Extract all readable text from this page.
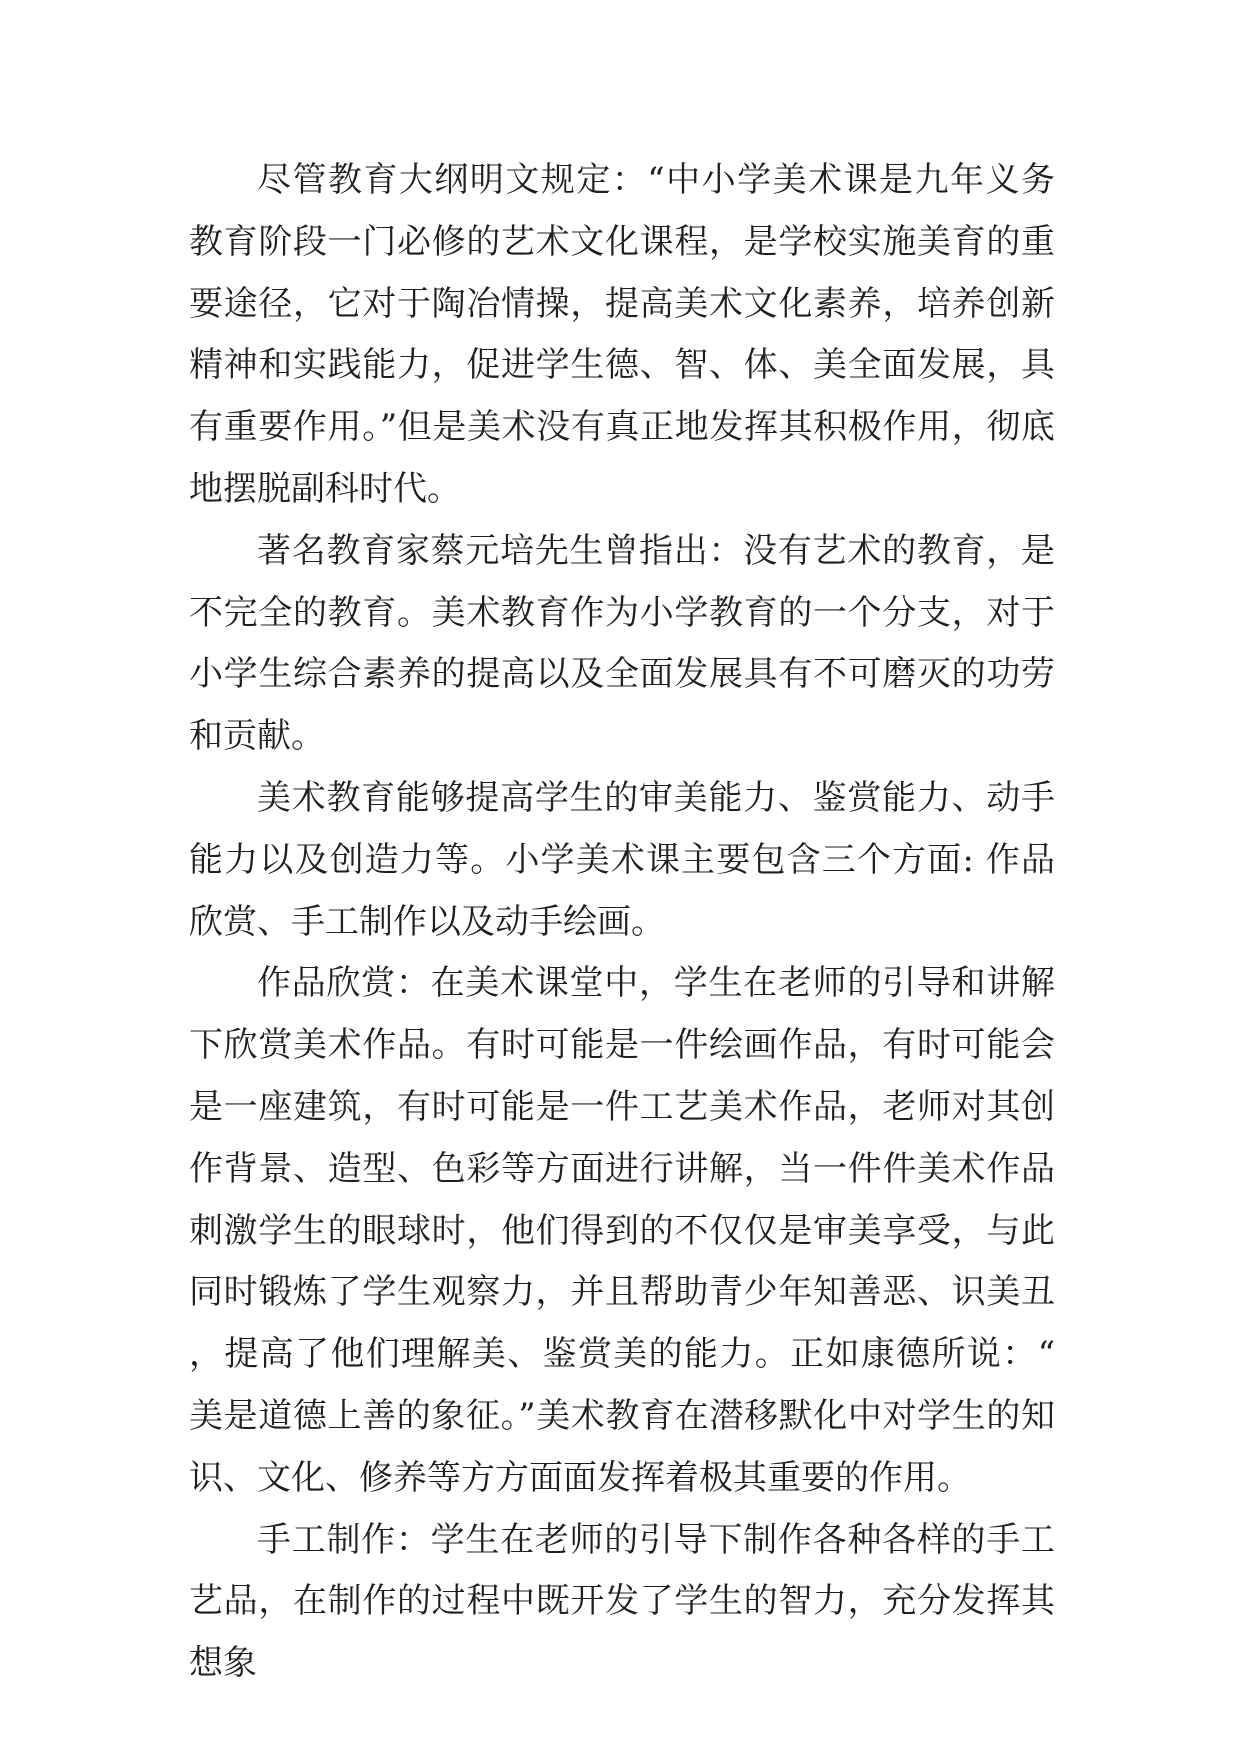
尽管教育大纲明文规定：“中小学美术课是九年义务教育阶段一门必修的艺术文化课程，是学校实施美育的重要途径，它对于陶冶情操，提高美术文化素养，培养创新精神和实践能力，促进学生德、智、体、美全面发展，具有重要作用。”但是美术没有真正地发挥其积极作用，彻底地摆脱副科时代。

著名教育家蔡元培先生曾指出：没有艺术的教育，是不完全的教育。美术教育作为小学教育的一个分支，对于小学生综合素养的提高以及全面发展具有不可磨灭的功劳和贡献。

美术教育能够提高学生的审美能力、鉴赏能力、动手能力以及创造力等。小学美术课主要包含三个方面: 作品欣赏、手工制作以及动手绘画。

作品欣赏：在美术课堂中，学生在老师的引导和讲解下欣赏美术作品。有时可能是一件绘画作品，有时可能会是一座建筑，有时可能是一件工艺美术作品，老师对其创作背景、造型、色彩等方面进行讲解，当一件件美术作品刺激学生的眼球时，他们得到的不仅仅是审美享受，与此同时锻炼了学生观察力，并且帮助青少年知善恶、识美丑，提高了他们理解美、鉴赏美的能力。正如康德所说：“美是道德上善的象征。”美术教育在潜移默化中对学生的知识、文化、修养等方方面面发挥着极其重要的作用。

手工制作：学生在老师的引导下制作各种各样的手工艺品，在制作的过程中既开发了学生的智力，充分发挥其想象
